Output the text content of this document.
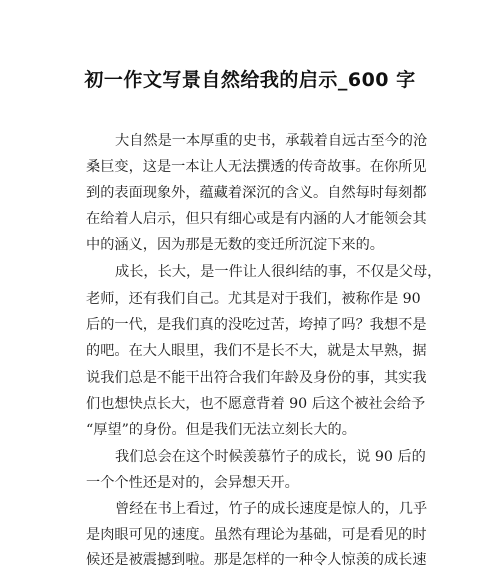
初一作文写景自然给我的启示_600 字
大自然是一本厚重的史书，承载着自远古至今的沧
桑巨变，这是一本让人无法撰透的传奇故事。在你所见
到的表面现象外，蕴藏着深沉的含义。自然每时每刻都
在给着人启示，但只有细心或是有内涵的人才能领会其
中的涵义，因为那是无数的变迁所沉淀下来的。
成长，长大，是一件让人很纠结的事，不仅是父母，
老师，还有我们自己。尤其是对于我们，被称作是 90
后的一代，是我们真的没吃过苦，垮掉了吗？我想不是
的吧。在大人眼里，我们不是长不大，就是太早熟，据
说我们总是不能干出符合我们年龄及身份的事，其实我
们也想快点长大，也不愿意背着 90 后这个被社会给予
“厚望”的身份。但是我们无法立刻长大的。
我们总会在这个时候羡慕竹子的成长，说 90 后的
一个个性还是对的，会异想天开。
曾经在书上看过，竹子的成长速度是惊人的，几乎
是肉眼可见的速度。虽然有理论为基础，可是看见的时
候还是被震撼到啦。那是怎样的一种令人惊羡的成长速
